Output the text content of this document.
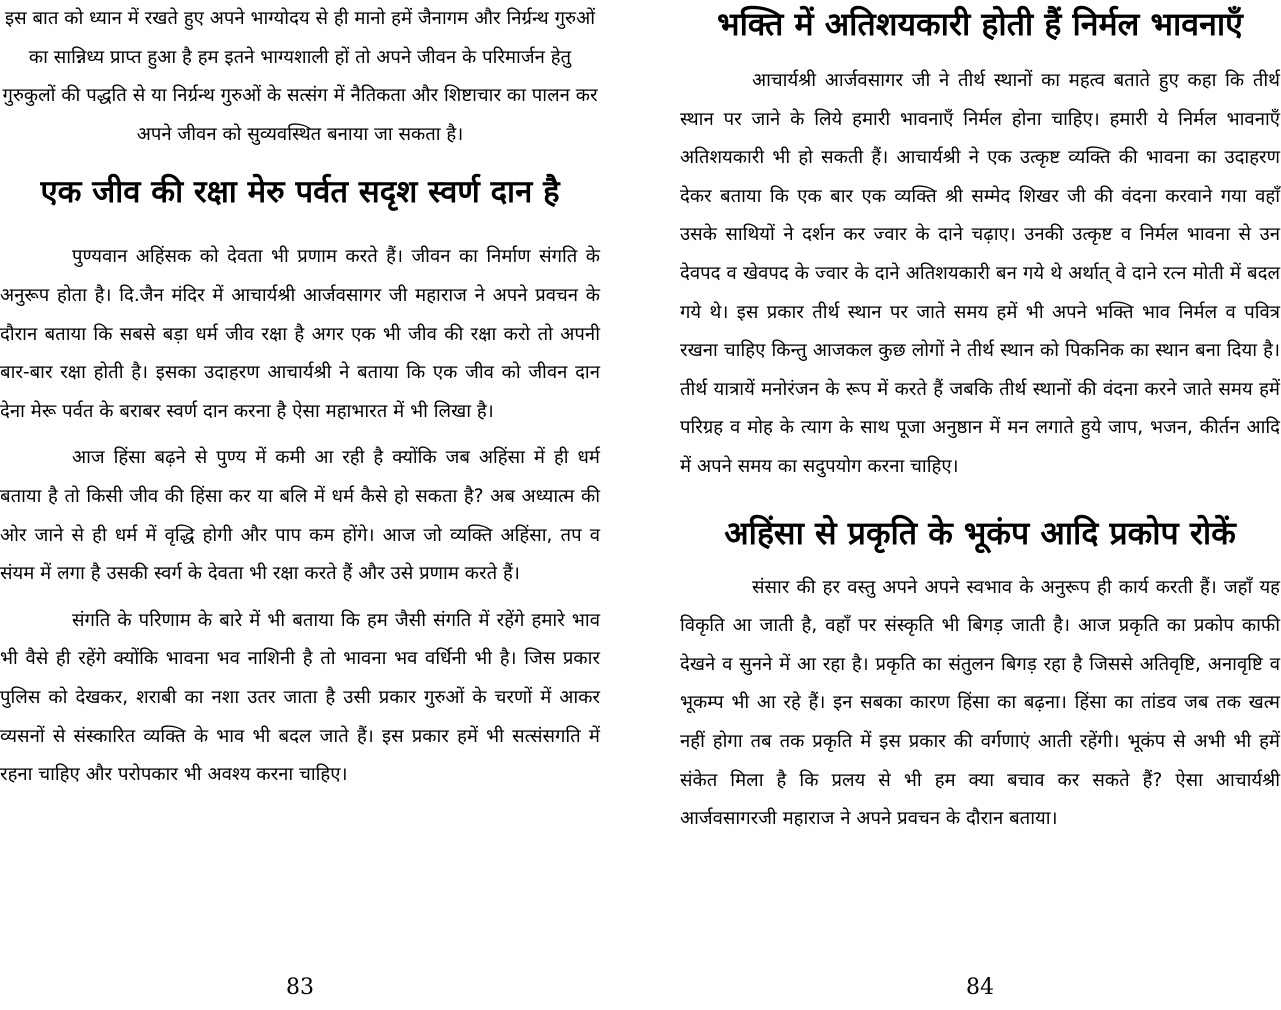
इस बात को ध्यान में रखते हुए अपने भाग्योदय से ही मानो हमें जैनागम और निर्ग्रन्थ गुरुओं का सान्निध्य प्राप्त हुआ है हम इतने भाग्यशाली हों तो अपने जीवन के परिमार्जन हेतु गुरुकुलों की पद्धति से या निर्ग्रन्थ गुरुओं के सत्संग में नैतिकता और शिष्टाचार का पालन कर अपने जीवन को सुव्यवस्थित बनाया जा सकता है।

एक जीव की रक्षा मेरु पर्वत सदृश स्वर्ण दान है

पुण्यवान अहिंसक को देवता भी प्रणाम करते हैं। जीवन का निर्माण संगति के अनुरूप होता है। दि.जैन मंदिर में आचार्यश्री आर्जवसागर जी महाराज ने अपने प्रवचन के दौरान बताया कि सबसे बड़ा धर्म जीव रक्षा है अगर एक भी जीव की रक्षा करो तो अपनी बार-बार रक्षा होती है। इसका उदाहरण आचार्यश्री ने बताया कि एक जीव को जीवन दान देना मेरू पर्वत के बराबर स्वर्ण दान करना है ऐसा महाभारत में भी लिखा है।

आज हिंसा बढ़ने से पुण्य में कमी आ रही है क्योंकि जब अहिंसा में ही धर्म बताया है तो किसी जीव की हिंसा कर या बलि में धर्म कैसे हो सकता है? अब अध्यात्म की ओर जाने से ही धर्म में वृद्धि होगी और पाप कम होंगे। आज जो व्यक्ति अहिंसा, तप व संयम में लगा है उसकी स्वर्ग के देवता भी रक्षा करते हैं और उसे प्रणाम करते हैं।

संगति के परिणाम के बारे में भी बताया कि हम जैसी संगति में रहेंगे हमारे भाव भी वैसे ही रहेंगे क्योंकि भावना भव नाशिनी है तो भावना भव वर्धिनी भी है। जिस प्रकार पुलिस को देखकर, शराबी का नशा उतर जाता है उसी प्रकार गुरुओं के चरणों में आकर व्यसनों से संस्कारित व्यक्ति के भाव भी बदल जाते हैं। इस प्रकार हमें भी सत्संसगति में रहना चाहिए और परोपकार भी अवश्य करना चाहिए।

83
भक्ति में अतिशयकारी होती हैं निर्मल भावनाएँ

आचार्यश्री आर्जवसागर जी ने तीर्थ स्थानों का महत्व बताते हुए कहा कि तीर्थ स्थान पर जाने के लिये हमारी भावनाएँ निर्मल होना चाहिए। हमारी ये निर्मल भावनाएँ अतिशयकारी भी हो सकती हैं। आचार्यश्री ने एक उत्कृष्ट व्यक्ति की भावना का उदाहरण देकर बताया कि एक बार एक व्यक्ति श्री सम्मेद शिखर जी की वंदना करवाने गया वहाँ उसके साथियों ने दर्शन कर ज्वार के दाने चढ़ाए। उनकी उत्कृष्ट व निर्मल भावना से उन देवपद व खेवपद के ज्वार के दाने अतिशयकारी बन गये थे अर्थात् वे दाने रत्न मोती में बदल गये थे। इस प्रकार तीर्थ स्थान पर जाते समय हमें भी अपने भक्ति भाव निर्मल व पवित्र रखना चाहिए किन्तु आजकल कुछ लोगों ने तीर्थ स्थान को पिकनिक का स्थान बना दिया है। तीर्थ यात्रायें मनोरंजन के रूप में करते हैं जबकि तीर्थ स्थानों की वंदना करने जाते समय हमें परिग्रह व मोह के त्याग के साथ पूजा अनुष्ठान में मन लगाते हुये जाप, भजन, कीर्तन आदि में अपने समय का सदुपयोग करना चाहिए।

अहिंसा से प्रकृति के भूकंप आदि प्रकोप रोकें

संसार की हर वस्तु अपने अपने स्वभाव के अनुरूप ही कार्य करती हैं। जहाँ यह विकृति आ जाती है, वहाँ पर संस्कृति भी बिगड़ जाती है। आज प्रकृति का प्रकोप काफी देखने व सुनने में आ रहा है। प्रकृति का संतुलन बिगड़ रहा है जिससे अतिवृष्टि, अनावृष्टि व भूकम्प भी आ रहे हैं। इन सबका कारण हिंसा का बढ़ना। हिंसा का तांडव जब तक खत्म नहीं होगा तब तक प्रकृति में इस प्रकार की वर्गणाएं आती रहेंगी। भूकंप से अभी भी हमें संकेत मिला है कि प्रलय से भी हम क्या बचाव कर सकते हैं? ऐसा आचार्यश्री आर्जवसागरजी महाराज ने अपने प्रवचन के दौरान बताया।

84
